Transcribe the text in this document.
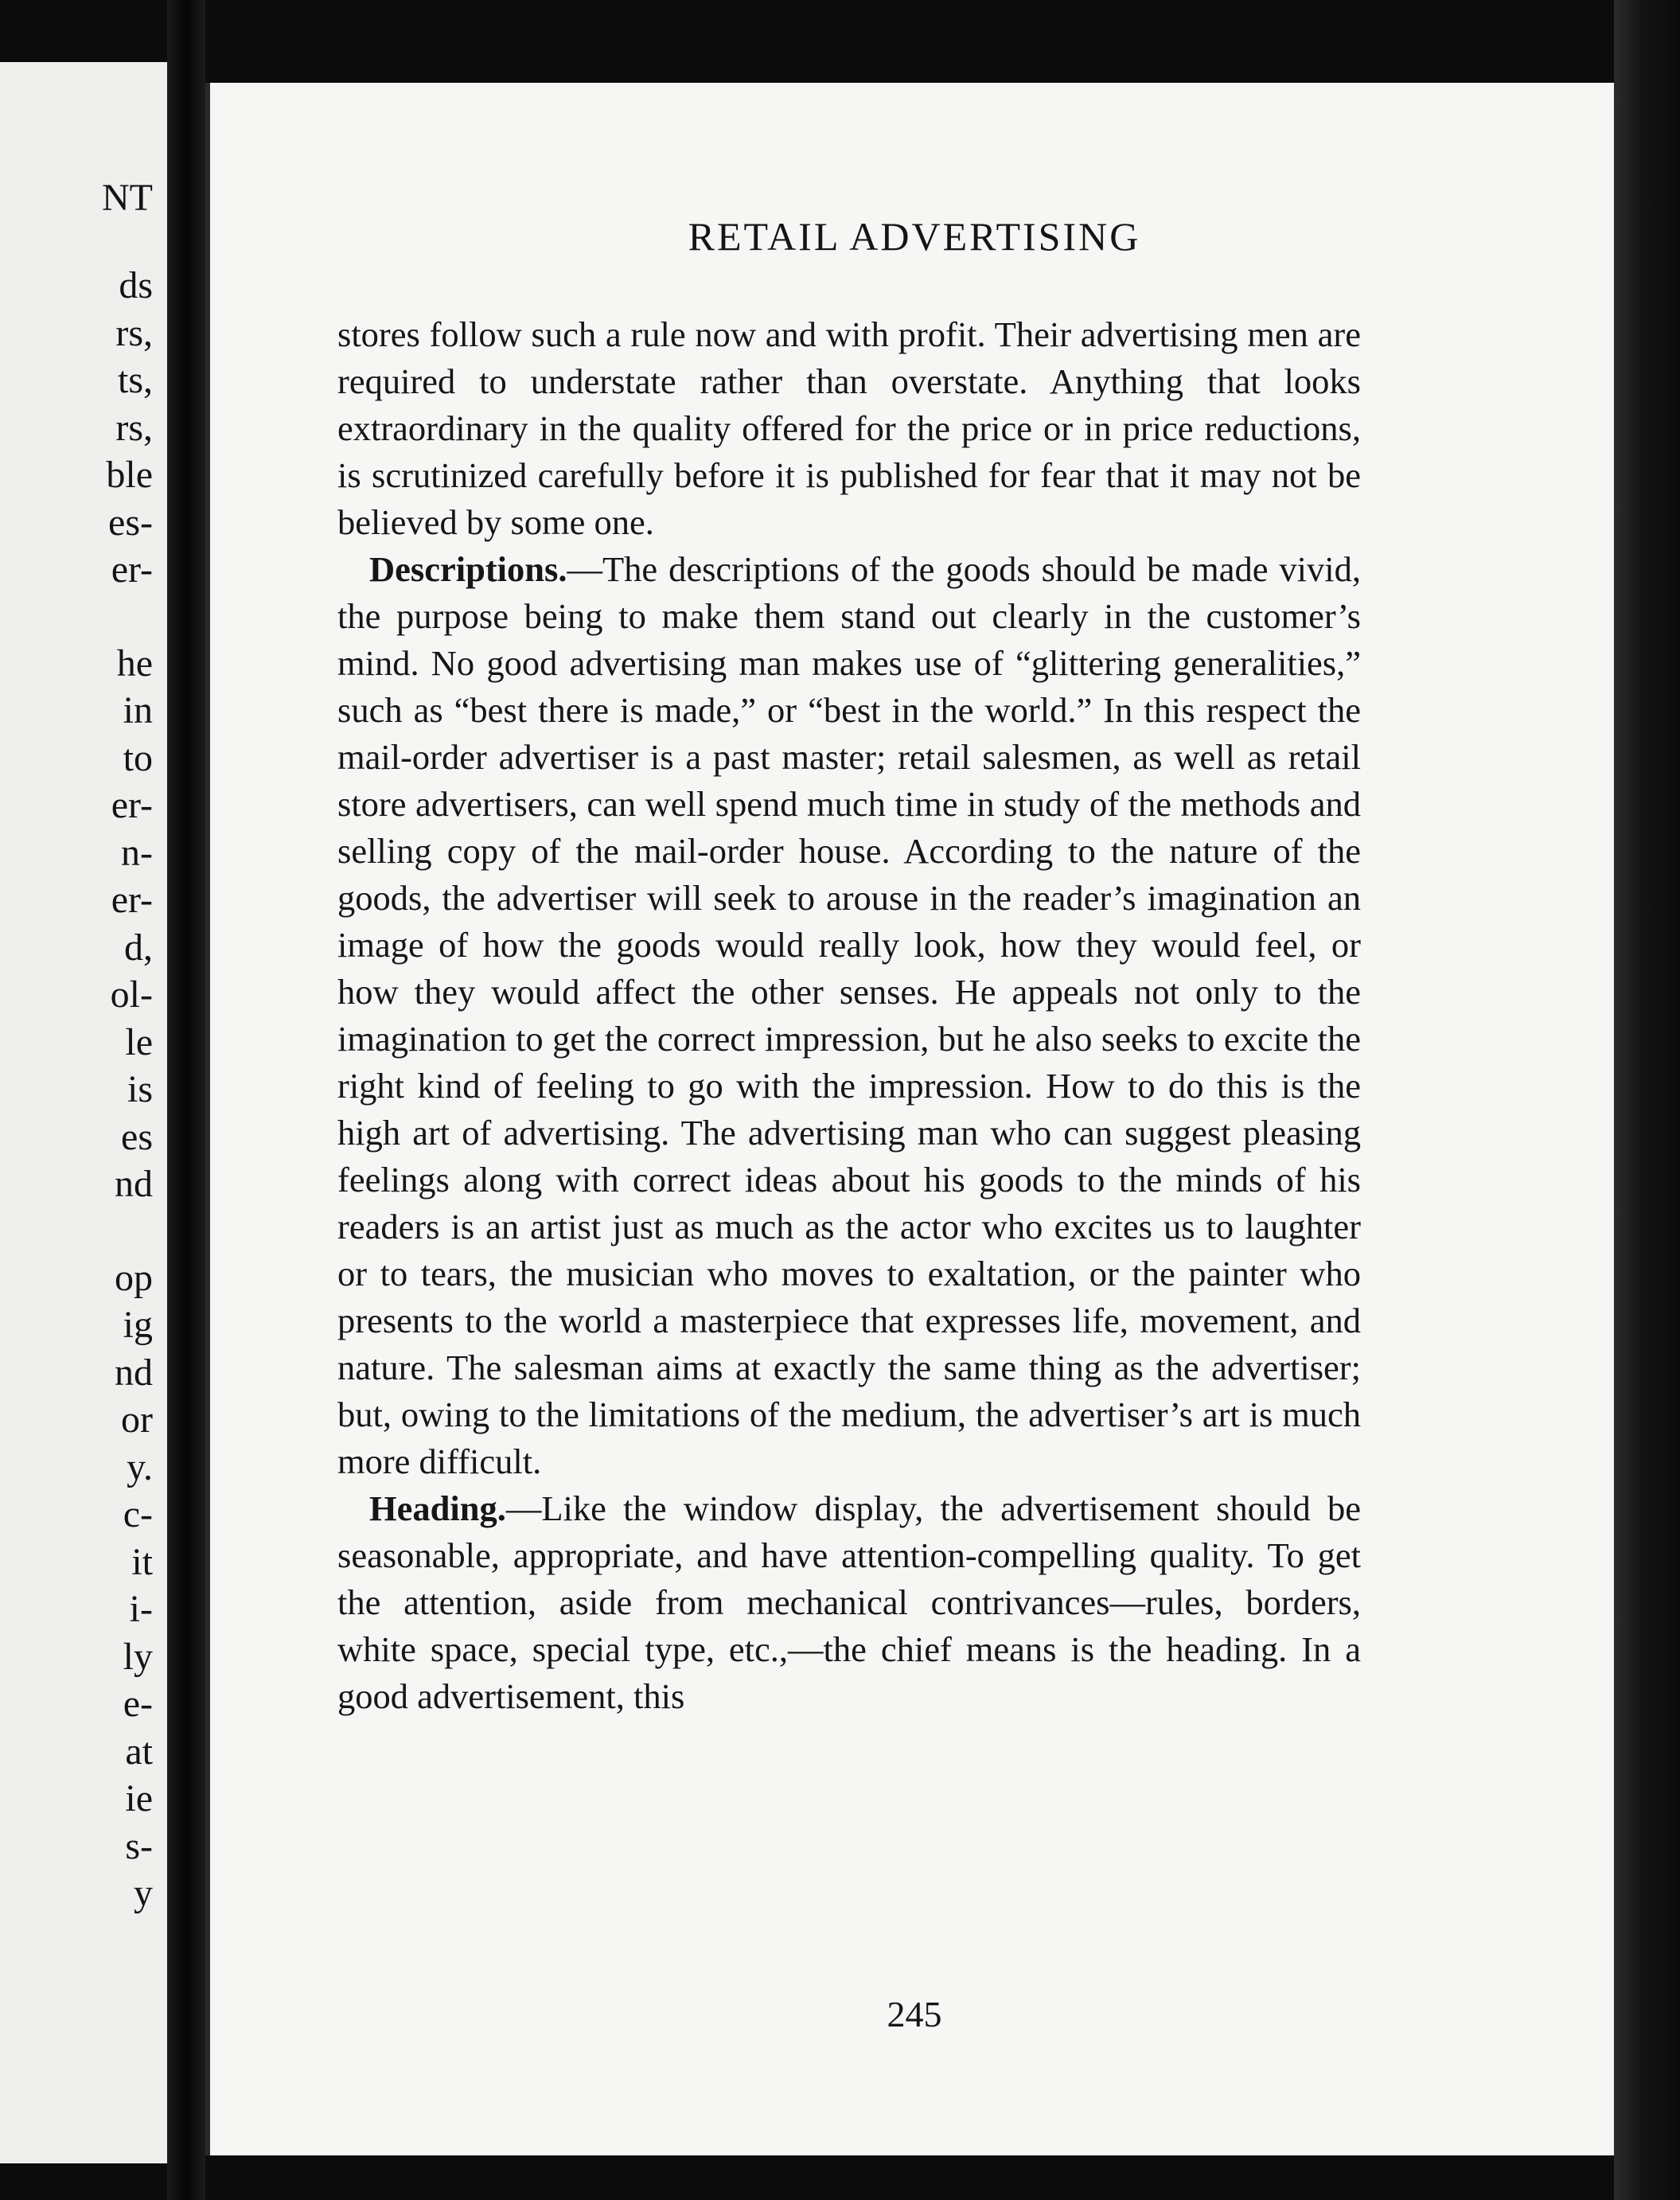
NT
ds
rs,
ts,
rs,
ble
es-
er-
he
in
to
er-
n-
er-
d,
ol-
le
is
es
nd
op
ig
nd
or
y.
c-
it
i-
ly
e-
at
ie
s-
y
RETAIL ADVERTISING

stores follow such a rule now and with profit. Their advertising men are required to understate rather than overstate. Anything that looks extraordinary in the quality offered for the price or in price reductions, is scrutinized carefully before it is published for fear that it may not be believed by some one.

Descriptions.—The descriptions of the goods should be made vivid, the purpose being to make them stand out clearly in the customer’s mind. No good advertising man makes use of “glittering generalities,” such as “best there is made,” or “best in the world.” In this respect the mail-order advertiser is a past master; retail salesmen, as well as retail store advertisers, can well spend much time in study of the methods and selling copy of the mail-order house. According to the nature of the goods, the advertiser will seek to arouse in the reader’s imagination an image of how the goods would really look, how they would feel, or how they would affect the other senses. He appeals not only to the imagination to get the correct impression, but he also seeks to excite the right kind of feeling to go with the impression. How to do this is the high art of advertising. The advertising man who can suggest pleasing feelings along with correct ideas about his goods to the minds of his readers is an artist just as much as the actor who excites us to laughter or to tears, the musician who moves to exaltation, or the painter who presents to the world a masterpiece that expresses life, movement, and nature. The salesman aims at exactly the same thing as the advertiser; but, owing to the limitations of the medium, the advertiser’s art is much more difficult.

Heading.—Like the window display, the advertisement should be seasonable, appropriate, and have attention-compelling quality. To get the attention, aside from mechanical contrivances—rules, borders, white space, special type, etc.,—the chief means is the heading. In a good advertisement, this

245
